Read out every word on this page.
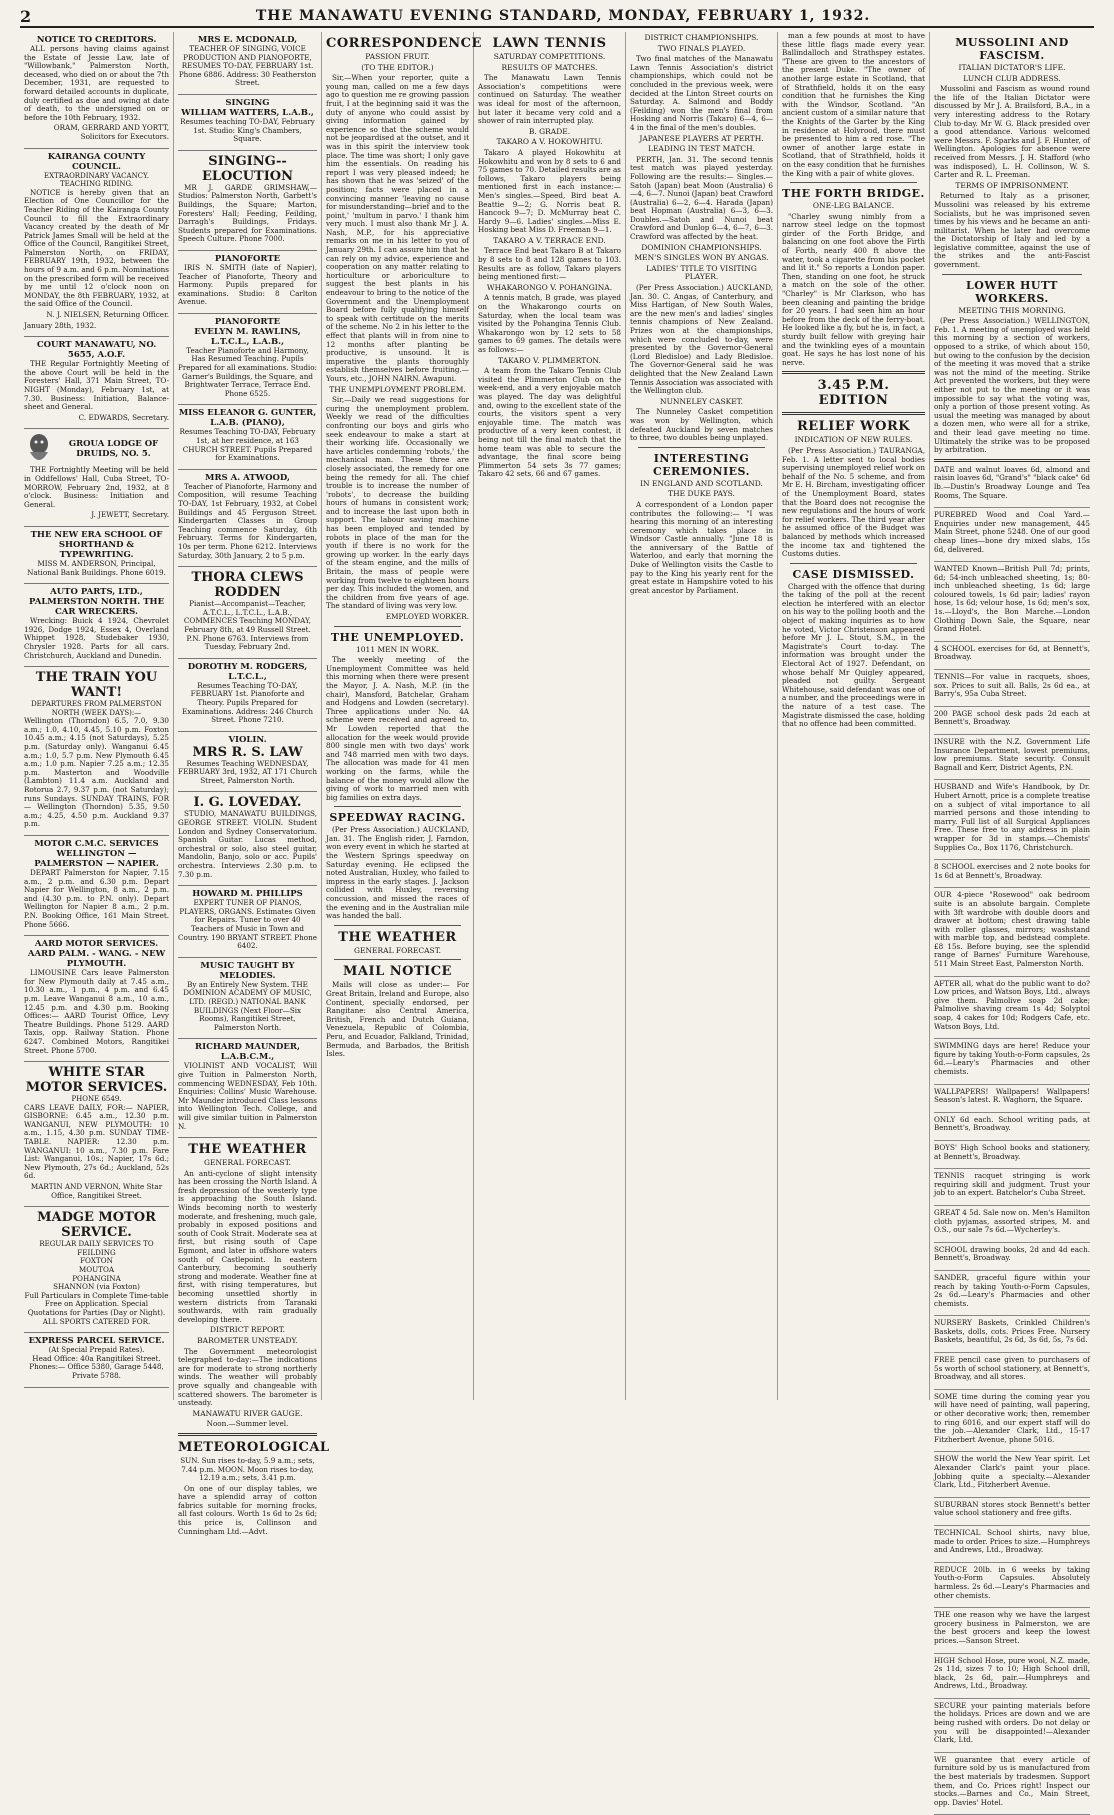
2	THE MANAWATU EVENING STANDARD, MONDAY, FEBRUARY 1, 1932.
NOTICE TO CREDITORS.

ALL persons having claims against the Estate of Jessie Law, late of "Willowbank," Palmerston North, deceased, who died on or about the 7th December, 1931, are requested to forward detailed accounts in duplicate, duly certified as due and owing at date of death, to the undersigned on or before the 10th February, 1932.

ORAM, GERRARD AND YORTT, Solicitors for Executors.

KAIRANGA COUNTY COUNCIL.
EXTRAORDINARY VACANCY. TEACHING RIDING.

NOTICE is hereby given that an Election of One Councillor for the Teacher Riding of the Kairanga County Council to fill the Extraordinary Vacancy created by the death of Mr Patrick James Small will be held at the Office of the Council, Rangitikei Street, Palmerston North, on FRIDAY, FEBRUARY 19th, 1932, between the hours of 9 a.m. and 6 p.m. Nominations on the prescribed form will be received by me until 12 o'clock noon on MONDAY, the 8th FEBRUARY, 1932, at the said Office of the Council.

N. J. NIELSEN, Returning Officer.

January 28th, 1932.

COURT MANAWATU, NO. 5655, A.O.F.

THE Regular Fortnightly Meeting of the above Court will be held in the Foresters' Hall, 371 Main Street, TO-NIGHT (Monday), February 1st, at 7.30. Business: Initiation, Balance-sheet and General.

C. EDWARDS, Secretary.

GROUA LODGE OF DRUIDS, NO. 5.

THE Fortnightly Meeting will be held in Oddfellows' Hall, Cuba Street, TO-MORROW, February 2nd, 1932, at 8 o'clock. Business: Initiation and General.

J. JEWETT, Secretary.

THE NEW ERA SCHOOL OF SHORTHAND & TYPEWRITING.

MISS M. ANDERSON, Principal, National Bank Buildings. Phone 6019.

AUTO PARTS, LTD., PALMERSTON NORTH. THE CAR WRECKERS.

Wrecking: Buick 4 1924, Chevrolet 1926, Dodge 1924, Essex 4, Overland Whippet 1928, Studebaker 1930, Chrysler 1928. Parts for all cars. Christchurch, Auckland and Dunedin.

THE TRAIN YOU WANT!
DEPARTURES FROM PALMERSTON NORTH (WEEK DAYS):—

Wellington (Thorndon) 6.5, 7.0, 9.30 a.m.; 1.0, 4.10, 4.45, 5.10 p.m. Foxton 10.45 a.m.; 4.15 (not Saturdays), 5.25 p.m. (Saturday only). Wanganui 6.45 a.m.; 1.0, 5.7 p.m. New Plymouth 6.45 a.m.; 1.0 p.m. Napier 7.25 a.m.; 12.35 p.m. Masterton and Woodville (Lambton) 11.4 a.m. Auckland and Rotorua 2.7, 9.37 p.m. (not Saturday); runs Sundays. SUNDAY TRAINS, FOR— Wellington (Thorndon) 5.35, 9.50 a.m.; 4.25, 4.50 p.m. Auckland 9.37 p.m.

MOTOR C.M.C. SERVICES WELLINGTON — PALMERSTON — NAPIER.

DEPART Palmerston for Napier, 7.15 a.m., 2 p.m. and 6.30 p.m. Depart Napier for Wellington, 8 a.m., 2 p.m. and (4.30 p.m. to P.N. only). Depart Wellington for Napier 8 a.m., 2 p.m. P.N. Booking Office, 161 Main Street. Phone 5666.

AARD MOTOR SERVICES. AARD PALM. - WANG. - NEW PLYMOUTH.

LIMOUSINE Cars leave Palmerston for New Plymouth daily at 7.45 a.m., 10.30 a.m., 1 p.m., 4 p.m. and 6.45 p.m. Leave Wanganui 8 a.m., 10 a.m., 12.45 p.m. and 4.30 p.m. Booking Offices:— AARD Tourist Office, Levy Theatre Buildings. Phone 5129. AARD Taxis, opp. Railway Station. Phone 6247. Combined Motors, Rangitikei Street. Phone 5700.

WHITE STAR MOTOR SERVICES.
PHONE 6549.

CARS LEAVE DAILY, FOR:— NAPIER, GISBORNE: 6.45 a.m., 12.30 p.m. WANGANUI, NEW PLYMOUTH: 10 a.m., 1.15, 4.30 p.m. SUNDAY TIME-TABLE. NAPIER: 12.30 p.m. WANGANUI: 10 a.m., 7.30 p.m. Fare List: Wanganui, 10s.; Napier, 17s 6d.; New Plymouth, 27s 6d.; Auckland, 52s 6d.

MARTIN AND VERNON, White Star Office, Rangitikei Street.

MADGE MOTOR SERVICE.
REGULAR DAILY SERVICES TO
FEILDING
FOXTON
MOUTOA
POHANGINA
SHANNON (via Foxton)

Full Particulars in Complete Time-table Free on Application. Special Quotations for Parties (Day or Night). ALL SPORTS CATERED FOR.

EXPRESS PARCEL SERVICE.
(At Special Prepaid Rates).

Head Office: 40a Rangitikei Street. Phones:— Office 5380, Garage 5448, Private 5788.

MRS E. MCDONALD,

TEACHER OF SINGING, VOICE PRODUCTION AND PIANOFORTE, RESUMES TO-DAY, FEBRUARY 1st. Phone 6886. Address: 30 Featherston Street.

SINGING
WILLIAM WATTERS, L.A.B.,

Resumes teaching TO-DAY, February 1st. Studio: King's Chambers, Square.

SINGING--ELOCUTION

MR J. GARDE GRIMSHAW,— Studios: Palmerston North, Garbett's Buildings, the Square; Marton, Foresters' Hall; Feeding, Feilding, Darragh's Buildings, Fridays. Students prepared for Examinations. Speech Culture. Phone 7000.

PIANOFORTE

IRIS N. SMITH (late of Napier), Teacher of Pianoforte, Theory and Harmony. Pupils prepared for examinations. Studio: 8 Carlton Avenue.

PIANOFORTE
EVELYN M. RAWLINS, L.T.C.L., L.A.B.,

Teacher Pianoforte and Harmony, Has Resumed Teaching. Pupils Prepared for all examinations. Studio: Garner's Buildings, the Square, and Brightwater Terrace, Terrace End. Phone 6525.

MISS ELEANOR G. GUNTER, L.A.B. (PIANO),

Resumes Teaching TO-DAY, February 1st, at her residence, at 163 CHURCH STREET. Pupils Prepared for Examinations.

MRS A. ATWOOD,

Teacher of Pianoforte, Harmony and Composition, will resume Teaching TO-DAY, 1st February, 1932, at Cobel Buildings and 45 Ferguson Street. Kindergarten Classes in Group Teaching commence Saturday, 6th February. Terms for Kindergarten, 10s per term. Phone 6212. Interviews Saturday, 30th January, 2 to 5 p.m.

THORA CLEWS RODDEN

Pianist—Accompanist—Teacher, A.T.C.L., L.T.C.L., L.A.B., COMMENCES Teaching MONDAY, February 8th, at 49 Russell Street. P.N. Phone 6763. Interviews from Tuesday, February 2nd.

DOROTHY M. RODGERS, L.T.C.L.,

Resumes Teaching TO-DAY, FEBRUARY 1st. Pianoforte and Theory. Pupils Prepared for Examinations. Address: 246 Church Street. Phone 7210.

VIOLIN.
MRS R. S. LAW

Resumes Teaching WEDNESDAY, FEBRUARY 3rd, 1932, AT 171 Church Street, Palmerston North.

I. G. LOVEDAY.

STUDIO, MANAWATU BUILDINGS, GEORGE STREET. VIOLIN. Student London and Sydney Conservatorium. Spanish Guitar. Lucas method, orchestral or solo, also steel guitar, Mandolin, Banjo, solo or acc. Pupils' orchestra. Interviews 2.30 p.m. to 7.30 p.m.

HOWARD M. PHILLIPS

EXPERT TUNER OF PIANOS, PLAYERS, ORGANS. Estimates Given for Repairs. Tuner to over 40 Teachers of Music in Town and Country. 190 BRYANT STREET. Phone 6402.

MUSIC TAUGHT BY MELODIES.

By an Entirely New System. THE DOMINION ACADEMY OF MUSIC, LTD. (REGD.) NATIONAL BANK BUILDINGS (Next Floor—Six Rooms), Rangitikei Street, Palmerston North.

RICHARD MAUNDER, L.A.B.C.M.,

VIOLINIST AND VOCALIST, Will give Tuition in Palmerston North, commencing WEDNESDAY, Feb 10th. Enquiries: Collins' Music Warehouse. Mr Maunder introduced Class lessons into Wellington Tech. College, and will give similar tuition in Palmerston N.

THE WEATHER
GENERAL FORECAST.

An anti-cyclone of slight intensity has been crossing the North Island. A fresh depression of the westerly type is approaching the South Island. Winds becoming north to westerly moderate, and freshening, much gale, probably in exposed positions and south of Cook Strait. Moderate sea at first, but rising south of Cape Egmont, and later in offshore waters south of Castlepoint. In eastern Canterbury, becoming southerly strong and moderate. Weather fine at first, with rising temperatures, but becoming unsettled shortly in western districts from Taranaki southwards, with rain gradually developing there.

DISTRICT REPORT.
BAROMETER UNSTEADY.

The Government meteorologist telegraphed to-day:—The indications are for moderate to strong northerly winds. The weather will probably prove squally and changeable with scattered showers. The barometer is unsteady.

MANAWATU RIVER GAUGE.

Noon.—Summer level.

METEOROLOGICAL

SUN. Sun rises to-day, 5.9 a.m.; sets, 7.44 p.m. MOON. Moon rises to-day, 12.19 a.m.; sets, 3.41 p.m.

On one of our display tables, we have a splendid array of cotton fabrics suitable for morning frocks, all fast colours. Worth 1s 6d to 2s 6d; this price is, Collinson and Cunningham Ltd.—Advt.

CORRESPONDENCE
PASSION FRUIT.
(TO THE EDITOR.)

Sir,—When your reporter, quite a young man, called on me a few days ago to question me re growing passion fruit, I at the beginning said it was the duty of anyone who could assist by giving information gained by experience so that the scheme would not be jeopardised at the outset, and it was in this spirit the interview took place. The time was short; I only gave him the essentials. On reading his report I was very pleased indeed; he has shown that he was 'seized' of the position; facts were placed in a convincing manner 'leaving no cause for misunderstanding—brief and to the point,' 'multum in parvo.' I thank him very much. I must also thank Mr J. A. Nash, M.P., for his appreciative remarks on me in his letter to you of January 29th. I can assure him that he can rely on my advice, experience and cooperation on any matter relating to horticulture or arboriculture to suggest the best plants in his endeavour to bring to the notice of the Government and the Unemployment Board before fully qualifying himself to speak with certitude on the merits of the scheme. No 2 in his letter to the effect that plants will in from nine to 12 months after planting be productive, is unsound. It is imperative the plants thoroughly establish themselves before fruiting.—Yours, etc., JOHN NAIRN. Awapuni.

THE UNEMPLOYMENT PROBLEM.

Sir,—Daily we read suggestions for curing the unemployment problem. Weekly we read of the difficulties confronting our boys and girls who seek endeavour to make a start at their working life. Occasionally we have articles condemning 'robots,' the mechanical man. These three are closely associated, the remedy for one being the remedy for all. The chief trouble is to increase the number of 'robots', to decrease the building hours of humans in consistent work; and to increase the last upon both in support. The labour saving machine has been employed and tended by robots in place of the man for the youth if there is no work for the growing up worker. In the early days of the steam engine, and the mills of Britain, the mass of people were working from twelve to eighteen hours per day. This included the women, and the children from five years of age. The standard of living was very low.

EMPLOYED WORKER.

THE UNEMPLOYED.
1011 MEN IN WORK.

The weekly meeting of the Unemployment Committee was held this morning when there were present the Mayor, J. A. Nash, M.P. (in the chair), Mansford, Batchelar, Graham and Hodgens and Lowden (secretary). Three applications under No. 4A scheme were received and agreed to. Mr Lowden reported that the allocation for the week would provide 800 single men with two days' work and 748 married men with two days. The allocation was made for 41 men working on the farms, while the balance of the money would allow the giving of work to married men with big families on extra days.

SPEEDWAY RACING.

(Per Press Association.) AUCKLAND, Jan. 31. The English rider, J. Farndon, won every event in which he started at the Western Springs speedway on Saturday evening. He eclipsed the noted Australian, Huxley, who failed to impress in the early stages. J. Jackson collided with Huxley, reversing concussion, and missed the races of the evening and in the Australian mile was handed the ball.

THE WEATHER
GENERAL FORECAST.
MAIL NOTICE

Mails will close as under:— For Great Britain, Ireland and Europe, also Continent, specially endorsed, per Rangitane: also Central America, British, French and Dutch Guiana, Venezuela, Republic of Colombia, Peru, and Ecuador, Falkland, Trinidad, Bermuda, and Barbados, the British Isles.

LAWN TENNIS
SATURDAY COMPETITIONS.
RESULTS OF MATCHES.

The Manawatu Lawn Tennis Association's competitions were continued on Saturday. The weather was ideal for most of the afternoon, but later it became very cold and a shower of rain interrupted play.

B. GRADE.
TAKARO A V. HOKOWHITU.

Takaro A played Hokowhitu at Hokowhitu and won by 8 sets to 6 and 75 games to 70. Detailed results are as follows, Takaro players being mentioned first in each instance:— Men's singles.—Speed, Bird beat A. Beattie 9—2; G. Norris beat R. Hancock 9—7; D. McMurray beat C. Hardy 9—6. Ladies' singles.—Miss E. Hosking beat Miss D. Freeman 9—1.

TAKARO A V. TERRACE END.

Terrace End beat Takaro B at Takaro by 8 sets to 8 and 128 games to 103. Results are as follow, Takaro players being mentioned first:—

WHAKARONGO V. POHANGINA.

A tennis match, B grade, was played on the Whakarongo courts on Saturday, when the local team was visited by the Pohangina Tennis Club. Whakarongo won by 12 sets to 58 games to 69 games. The details were as follows:—

TAKARO V. PLIMMERTON.

A team from the Takaro Tennis Club visited the Plimmerton Club on the week-end, and a very enjoyable match was played. The day was delightful and, owing to the excellent state of the courts, the visitors spent a very enjoyable time. The match was productive of a very keen contest, it being not till the final match that the home team was able to secure the advantage, the final score being Plimmerton 54 sets 3s 77 games; Takaro 42 sets, 66 and 67 games.

DISTRICT CHAMPIONSHIPS.
TWO FINALS PLAYED.

Two final matches of the Manawatu Lawn Tennis Association's district championships, which could not be concluded in the previous week, were decided at the Linton Street courts on Saturday. A. Salmond and Boddy (Feilding) won the men's final from Hosking and Norris (Takaro) 6—4, 6—4 in the final of the men's doubles.

JAPANESE PLAYERS AT PERTH.
LEADING IN TEST MATCH.

PERTH, Jan. 31. The second tennis test match was played yesterday. Following are the results:— Singles.—Satoh (Japan) beat Moon (Australia) 6—4, 6—7. Nunoi (Japan) beat Crawford (Australia) 6—2, 6—4. Harada (Japan) beat Hopman (Australia) 6—3, 6—3. Doubles.—Satoh and Nunoi beat Crawford and Dunlop 6—4, 6—7, 6—3. Crawford was affected by the heat.

DOMINION CHAMPIONSHIPS.
MEN'S SINGLES WON BY ANGAS.
LADIES' TITLE TO VISITING PLAYER.

(Per Press Association.) AUCKLAND, Jan. 30. C. Angas, of Canterbury, and Miss Hartigan, of New South Wales, are the new men's and ladies' singles tennis champions of New Zealand. Prizes won at the championships, which were concluded to-day, were presented by the Governor-General (Lord Bledisloe) and Lady Bledisloe. The Governor-General said he was delighted that the New Zealand Lawn Tennis Association was associated with the Wellington club.

NUNNELEY CASKET.

The Nunneley Casket competition was won by Wellington, which defeated Auckland by seven matches to three, two doubles being unplayed.

INTERESTING CEREMONIES.
IN ENGLAND AND SCOTLAND.
THE DUKE PAYS.

A correspondent of a London paper contributes the following:— "I was hearing this morning of an interesting ceremony which takes place in Windsor Castle annually. "June 18 is the anniversary of the Battle of Waterloo, and early that morning the Duke of Wellington visits the Castle to pay to the King his yearly rent for the great estate in Hampshire voted to his great ancestor by Parliament.

man a few pounds at most to have these little flags made every year. Ballindalloch and Strathspey estates. "These are given to the ancestors of the present Duke. "The owner of another large estate in Scotland, that of Strathfield, holds it on the easy condition that he furnishes the King with the Windsor, Scotland. "An ancient custom of a similar nature that the Knights of the Garter by the King in residence at Holyrood, there must be presented to him a red rose. "The owner of another large estate in Scotland, that of Strathfield, holds it on the easy condition that he furnishes the King with a pair of white gloves.

THE FORTH BRIDGE.
ONE-LEG BALANCE.

"Charley swung nimbly from a narrow steel ledge on the topmost girder of the Forth Bridge, and balancing on one foot above the Firth of Forth, nearly 400 ft above the water, took a cigarette from his pocket and lit it." So reports a London paper. Then, standing on one foot, he struck a match on the sole of the other. "Charley" is Mr Clarkson, who has been cleaning and painting the bridge for 20 years. I had seen him an hour before from the deck of the ferry-boat. He looked like a fly, but he is, in fact, a sturdy built fellow with greying hair and the twinkling eyes of a mountain goat. He says he has lost none of his nerve.

3.45 P.M. EDITION
RELIEF WORK
INDICATION OF NEW RULES.

(Per Press Association.) TAURANGA, Feb. 1. A letter sent to local bodies supervising unemployed relief work on behalf of the No. 5 scheme, and from Mr E. H. Bircham, investigating officer of the Unemployment Board, states that the Board does not recognise the new regulations and the hours of work for relief workers. The third year after he assumed office of the Budget was balanced by methods which increased the income tax and tightened the Customs duties.

CASE DISMISSED.

Charged with the offence that during the taking of the poll at the recent election he interfered with an elector on his way to the polling booth and the object of making inquiries as to how he voted, Victor Christenson appeared before Mr J. L. Stout, S.M., in the Magistrate's Court to-day. The information was brought under the Electoral Act of 1927. Defendant, on whose behalf Mr Quigley appeared, pleaded not guilty. Sergeant Whitehouse, said defendant was one of a number, and the proceedings were in the nature of a test case. The Magistrate dismissed the case, holding that no offence had been committed.

MUSSOLINI AND FASCISM.
ITALIAN DICTATOR'S LIFE.
LUNCH CLUB ADDRESS.

Mussolini and Fascism as wound round the life of the Italian Dictator were discussed by Mr J. A. Brailsford, B.A., in a very interesting address to the Rotary Club to-day. Mr W. G. Black presided over a good attendance. Various welcomed were Messrs. F. Sparks and J. F. Hunter, of Wellington. Apologies for absence were received from Messrs. J. H. Stafford (who was indisposed), L. H. Collinson, W. S. Carter and R. L. Freeman.

TERMS OF IMPRISONMENT.

Returned to Italy as a prisoner, Mussolini was released by his extreme Socialists, but he was imprisoned seven times by his views and he became an anti-militarist. When he later had overcome the Dictatorship of Italy and led by a legislative committee, against the use of the strikes and the anti-Fascist government.

LOWER HUTT WORKERS.
MEETING THIS MORNING.

(Per Press Association.) WELLINGTON, Feb. 1. A meeting of unemployed was held this morning by a section of workers, opposed to a strike, of which about 150, but owing to the confusion by the decision of the meeting it was moved that a strike was not the mind of the meeting. Strike Act prevented the workers, but they were either not put to the meeting or it was impossible to say what the voting was, only a portion of those present voting. As usual the meeting was managed by about a dozen men, who were all for a strike, and their lead gave meeting no time. Ultimately the strike was to be proposed by arbitration.

DATE and walnut loaves 6d, almond and raisin loaves 6d, "Grand's" "black cake" 6d lb.—Dustin's Broadway Lounge and Tea Rooms, The Square.

PUREBRED Wood and Coal Yard.—Enquiries under new management, 445 Main Street, phone 5248. One of our good cheap lines—bone dry mixed slabs, 15s 6d, delivered.

WANTED Known—British Pull 7d; prints, 6d; 54-inch unbleached sheeting, 1s; 80-inch unbleached sheeting, 1s 6d; large coloured towels, 1s 6d pair; ladies' rayon hose, 1s 6d; velour hose, 1s 6d; men's sox, 1s.—Lloyd's, the Bon Marche.—London Clothing Down Sale, the Square, near Grand Hotel.

4 SCHOOL exercises for 6d, at Bennett's, Broadway.

TENNIS—For value in racquets, shoes, sox. Prices to suit all. Balls, 2s 6d ea., at Barry's, 95a Cuba Street.

200 PAGE school desk pads 2d each at Bennett's, Broadway.

INSURE with the N.Z. Government Life Insurance Department, lowest premiums, low premiums. State security. Consult Bagnall and Kerr, District Agents, P.N.

HUSBAND and Wife's Handbook, by Dr. Hubert Arnott, price is a complete treatise on a subject of vital importance to all married persons and those intending to marry. Full list of all Surgical Appliances Free. These free to any address in plain wrapper for 3d in stamps.—Chemists' Supplies Co., Box 1176, Christchurch.

8 SCHOOL exercises and 2 note books for 1s 6d at Bennett's, Broadway.

OUR 4-piece "Rosewood" oak bedroom suite is an absolute bargain. Complete with 3ft wardrobe with double doors and drawer at bottom; chest drawing table with roller glasses, mirrors; washstand with marble top, and bedstead complete. £8 15s. Before buying, see the splendid range of Barnes' Furniture Warehouse, 511 Main Street East, Palmerston North.

AFTER all, what do the public want to do? Low prices, and Watson Boys, Ltd., always give them. Palmolive soap 2d cake; Palmolive shaving cream 1s 4d; Solyptol soap, 4 cakes for 10d; Rodgers Cafe, etc. Watson Boys, Ltd.

SWIMMING days are here! Reduce your figure by taking Youth-o-Form capsules, 2s 6d.—Leary's Pharmacies and other chemists.

WALLPAPERS! Wallpapers! Wallpapers! Season's latest. R. Waghorn, the Square.

ONLY 6d each. School writing pads, at Bennett's, Broadway.

BOYS' High School books and stationery, at Bennett's, Broadway.

TENNIS racquet stringing is work requiring skill and judgment. Trust your job to an expert. Batchelor's Cuba Street.

GREAT 4 5d. Sale now on. Men's Hamilton cloth pyjamas, assorted stripes, M. and O.S., our sale 7s 6d.—Wycherley's.

SCHOOL drawing books, 2d and 4d each. Bennett's, Broadway.

SANDER, graceful figure within your reach by taking Youth-o-Form Capsules, 2s 6d.—Leary's Pharmacies and other chemists.

NURSERY Baskets, Crinkled Children's Baskets, dolls, cots. Prices Free. Nursery Baskets, beautiful, 2s 6d, 3s 6d, 5s, 7s 6d.

FREE pencil case given to purchasers of 5s worth of school stationery, at Bennett's, Broadway, and all stores.

SOME time during the coming year you will have need of painting, wall papering, or other decorative work; then, remember to ring 6016, and our expert staff will do the job.—Alexander Clark, Ltd., 15-17 Fitzherbert Avenue, phone 5016.

SHOW the world the New Year spirit. Let Alexander Clark's paint your place. Jobbing quite a specialty.—Alexander Clark, Ltd., Fitzherbert Avenue.

SUBURBAN stores stock Bennett's better value school stationery and free gifts.

TECHNICAL School shirts, navy blue, made to order. Prices to size.—Humphreys and Andrews, Ltd., Broadway.

REDUCE 20lb. in 6 weeks by taking Youth-o-Form Capsules. Absolutely harmless. 2s 6d.—Leary's Pharmacies and other chemists.

THE one reason why we have the largest grocery business in Palmerston, we are the best grocers and keep the lowest prices.—Sanson Street.

HIGH School Hose, pure wool, N.Z. made, 2s 11d, sizes 7 to 10; High School drill, black, 2s 6d, pair.—Humphreys and Andrews, Ltd., Broadway.

SECURE your painting materials before the holidays. Prices are down and we are being rushed with orders. Do not delay or you will be disappointed!—Alexander Clark, Ltd.

WE guarantee that every article of furniture sold by us is manufactured from the best materials by tradesmen. Support them, and Co. Prices right! Inspect our stocks.—Barnes and Co., Main Street, opp. Davies' Hotel.
